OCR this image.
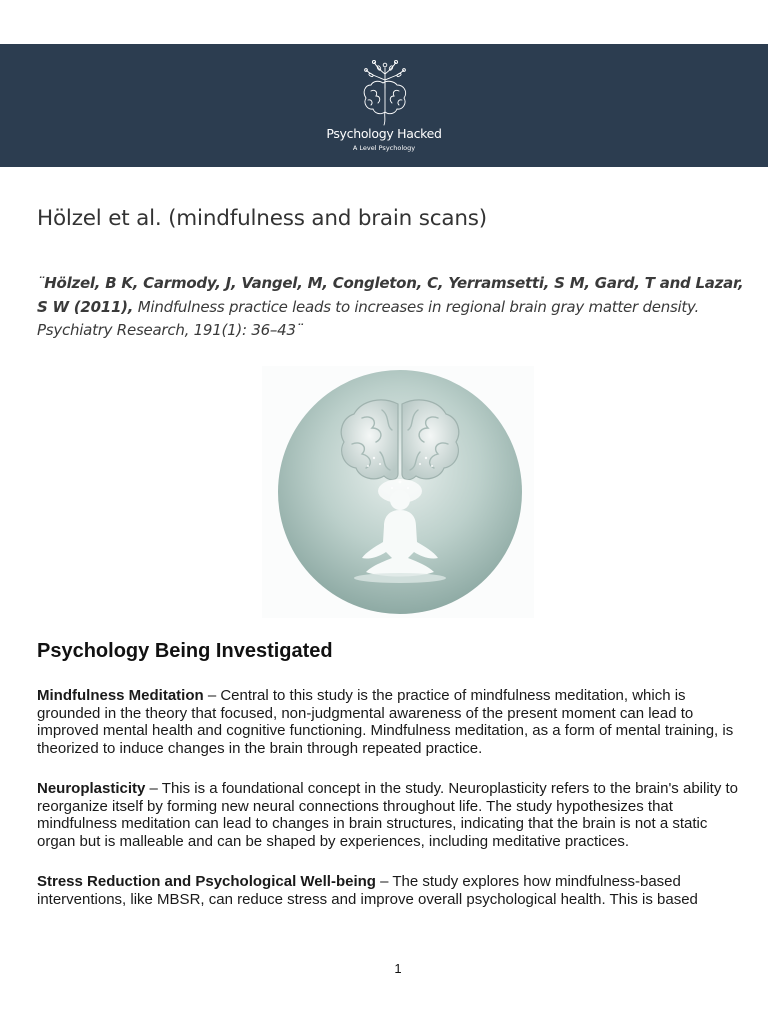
Psychology Hacked
A Level Psychology
Hölzel et al. (mindfulness and brain scans)

¨Hölzel, B K, Carmody, J, Vangel, M, Congleton, C, Yerramsetti, S M, Gard, T and Lazar, S W (2011), Mindfulness practice leads to increases in regional brain gray matter density. Psychiatry Research, 191(1): 36–43¨

Psychology Being Investigated

Mindfulness Meditation – Central to this study is the practice of mindfulness meditation, which is grounded in the theory that focused, non-judgmental awareness of the present moment can lead to improved mental health and cognitive functioning. Mindfulness meditation, as a form of mental training, is theorized to induce changes in the brain through repeated practice.

Neuroplasticity – This is a foundational concept in the study. Neuroplasticity refers to the brain's ability to reorganize itself by forming new neural connections throughout life. The study hypothesizes that mindfulness meditation can lead to changes in brain structures, indicating that the brain is not a static organ but is malleable and can be shaped by experiences, including meditative practices.

Stress Reduction and Psychological Well-being – The study explores how mindfulness-based interventions, like MBSR, can reduce stress and improve overall psychological health. This is based

1
